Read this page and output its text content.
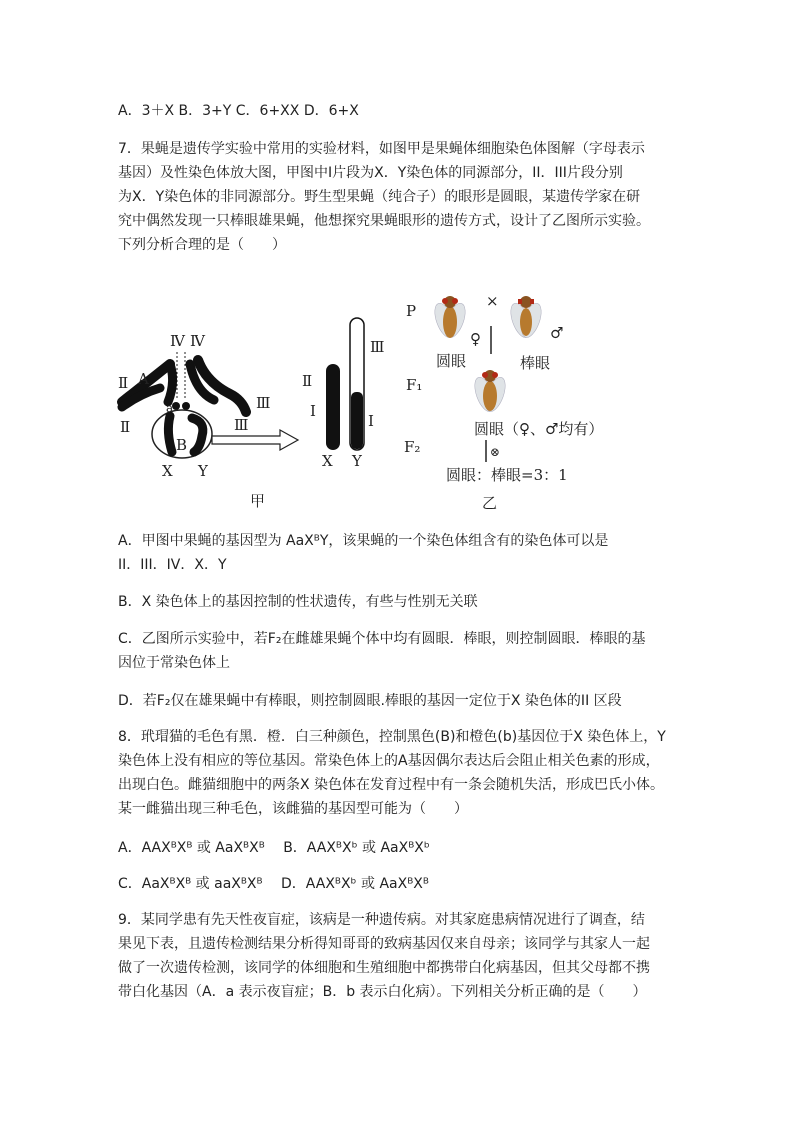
A．3＋X B．3+Y C．6+XX D．6+X
7．果蝇是遗传学实验中常用的实验材料，如图甲是果蝇体细胞染色体图解（字母表示
基因）及性染色体放大图，甲图中Ⅰ片段为X．Y染色体的同源部分，II．III片段分别
为X．Y染色体的非同源部分。野生型果蝇（纯合子）的眼形是圆眼，某遗传学家在研
究中偶然发现一只棒眼雄果蝇，他想探究果蝇眼形的遗传方式，设计了乙图所示实验。
下列分析合理的是（　　）
Ⅳ Ⅳ
Ⅱ A
Ⅱ
a
B
Ⅲ
Ⅲ
X Y
Ⅱ
Ⅰ
Ⅰ
Ⅲ
X Y
甲
P
×
♀	♂
圆眼	棒眼
F₁
圆眼（♀、♂均有）
⊗
F₂
圆眼：棒眼=3：1
乙
A．甲图中果蝇的基因型为 AaXᴮY，该果蝇的一个染色体组含有的染色体可以是
II．III．IV．X．Y
B．X 染色体上的基因控制的性状遗传，有些与性别无关联
C．乙图所示实验中，若F₂在雌雄果蝇个体中均有圆眼．棒眼，则控制圆眼．棒眼的基
因位于常染色体上
D．若F₂仅在雄果蝇中有棒眼，则控制圆眼.棒眼的基因一定位于X 染色体的II 区段
8．玳瑁猫的毛色有黑．橙．白三种颜色，控制黑色(B)和橙色(b)基因位于X 染色体上，Y
染色体上没有相应的等位基因。常染色体上的A基因偶尔表达后会阻止相关色素的形成，
出现白色。雌猫细胞中的两条X 染色体在发育过程中有一条会随机失活，形成巴氏小体。
某一雌猫出现三种毛色，该雌猫的基因型可能为（　　）
A．AAXᴮXᴮ 或 AaXᴮXᴮ　 B．AAXᴮXᵇ 或 AaXᴮXᵇ
C．AaXᴮXᴮ 或 aaXᴮXᴮ　 D．AAXᴮXᵇ 或 AaXᴮXᴮ
9．某同学患有先天性夜盲症，该病是一种遗传病。对其家庭患病情况进行了调查，结
果见下表，且遗传检测结果分析得知哥哥的致病基因仅来自母亲；该同学与其家人一起
做了一次遗传检测，该同学的体细胞和生殖细胞中都携带白化病基因，但其父母都不携
带白化基因（A．a 表示夜盲症；B．b 表示白化病）。下列相关分析正确的是（　　）
